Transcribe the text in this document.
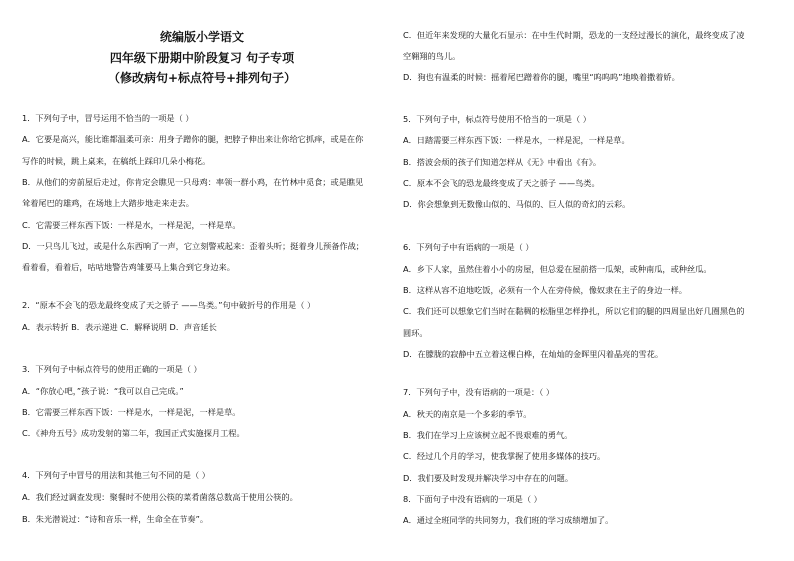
统编版小学语文
四年级下册期中阶段复习 句子专项
（修改病句+标点符号+排列句子）
1．下列句子中，冒号运用不恰当的一项是（ ）
A．它要是高兴，能比谁都温柔可亲：用身子蹭你的腿，把脖子伸出来让你给它抓痒，或是在你
写作的时候，跳上桌来，在稿纸上踩印几朵小梅花。
B．从他们的旁前屋后走过，你肯定会瞧见一只母鸡：率领一群小鸡，在竹林中觅食；或是瞧见
耸着尾巴的雄鸡，在场地上大踏步地走来走去。
C．它需要三样东西下饭：一样是水，一样是泥，一样是草。
D．一只鸟儿飞过，或是什么东西响了一声，它立刻警戒起来：歪着头听；挺着身儿预备作战；
看着看，看着后，咕咕地警告鸡雏要马上集合到它身边来。
2．“原本不会飞的恐龙最终变成了天之骄子 ——鸟类。”句中破折号的作用是（ ）
A．表示转折 B．表示递进 C．解释说明 D．声音延长
3．下列句子中标点符号的使用正确的一项是（ ）
A．“你放心吧，”孩子说：“我可以自己完成。”
B．它需要三样东西下饭：一样是水，一样是泥，一样是草。
C．《神舟五号》成功发射的第二年，我国正式实施探月工程。
4．下列句子中冒号的用法和其他三句不同的是（ ）
A．我们经过调查发现：聚餐时不使用公筷的菜肴菌落总数高于使用公筷的。
B．朱光潜说过：“诗和音乐一样，生命全在节奏”。
C．但近年来发现的大量化石显示：在中生代时期，恐龙的一支经过漫长的演化，最终变成了凌
空翱翔的鸟儿。
D．狗也有温柔的时候：摇着尾巴蹭着你的腿，嘴里“呜呜呜”地唤着撒着娇。
5．下列句子中，标点符号使用不恰当的一项是（ ）
A．日踏需要三样东西下饭：一样是水，一样是泥，一样是草。
B．搭波会烦的孩子们知道怎样从《无》中看出《有》。
C．原本不会飞的恐龙最终变成了天之骄子 ——鸟类。
D．你会想象到无数像山似的、马似的、巨人似的奇幻的云彩。
6．下列句子中有语病的一项是（ ）
A．乡下人家，虽然住着小小的房屋，但总爱在屋前搭一瓜架，或种南瓜，或种丝瓜。
B．这样从容不迫地吃饭，必须有一个人在旁侍候，像奴隶在主子的身边一样。
C．我们还可以想象它们当时在黏稠的松脂里怎样挣扎，所以它们的腿的四周显出好几圈黑色的
圆环。
D．在朦胧的寂静中五立着这棵白桦，在灿灿的金晖里闪着晶亮的雪花。
7．下列句子中，没有语病的一项是：（ ）
A．秋天的南京是一个多彩的季节。
B．我们在学习上应该树立起不畏艰难的勇气。
C．经过几个月的学习，使我掌握了使用多媒体的技巧。
D．我们要及时发现并解决学习中存在的问题。
8．下面句子中没有语病的一项是（ ）
A．通过全班同学的共同努力，我们班的学习成绩增加了。
